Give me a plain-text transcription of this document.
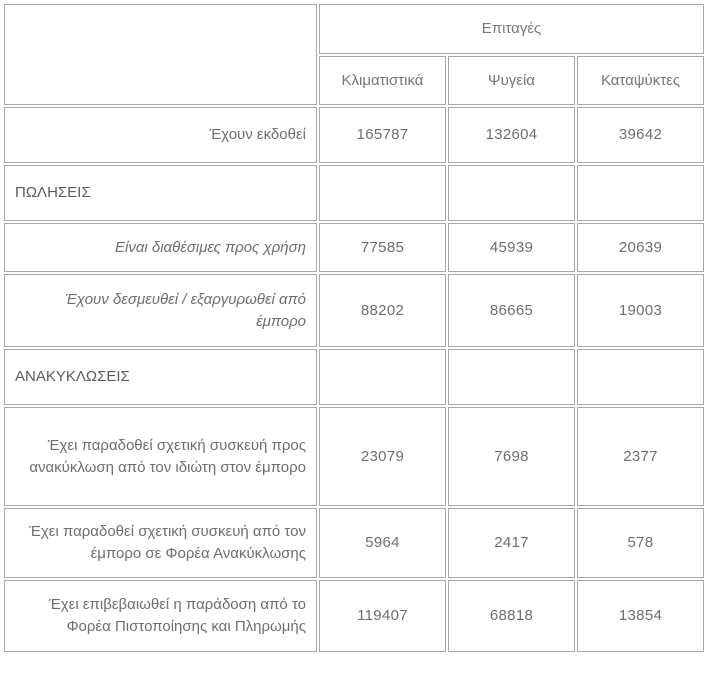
	Επιταγές		
	Κλιματιστικά	Ψυγεία	Καταψύκτες
Έχουν εκδοθεί	165787	132604	39642
ΠΩΛΗΣΕΙΣ			
Είναι διαθέσιμες προς χρήση	77585	45939	20639
Έχουν δεσμευθεί / εξαργυρωθεί από έμπορο	88202	86665	19003
ΑΝΑΚΥΚΛΩΣΕΙΣ			
Έχει παραδοθεί σχετική συσκευή προς ανακύκλωση από τον ιδιώτη στον έμπορο	23079	7698	2377
Έχει παραδοθεί σχετική συσκευή από τον έμπορο σε Φορέα Ανακύκλωσης	5964	2417	578
Έχει επιβεβαιωθεί η παράδοση από το Φορέα Πιστοποίησης και Πληρωμής	119407	68818	13854
